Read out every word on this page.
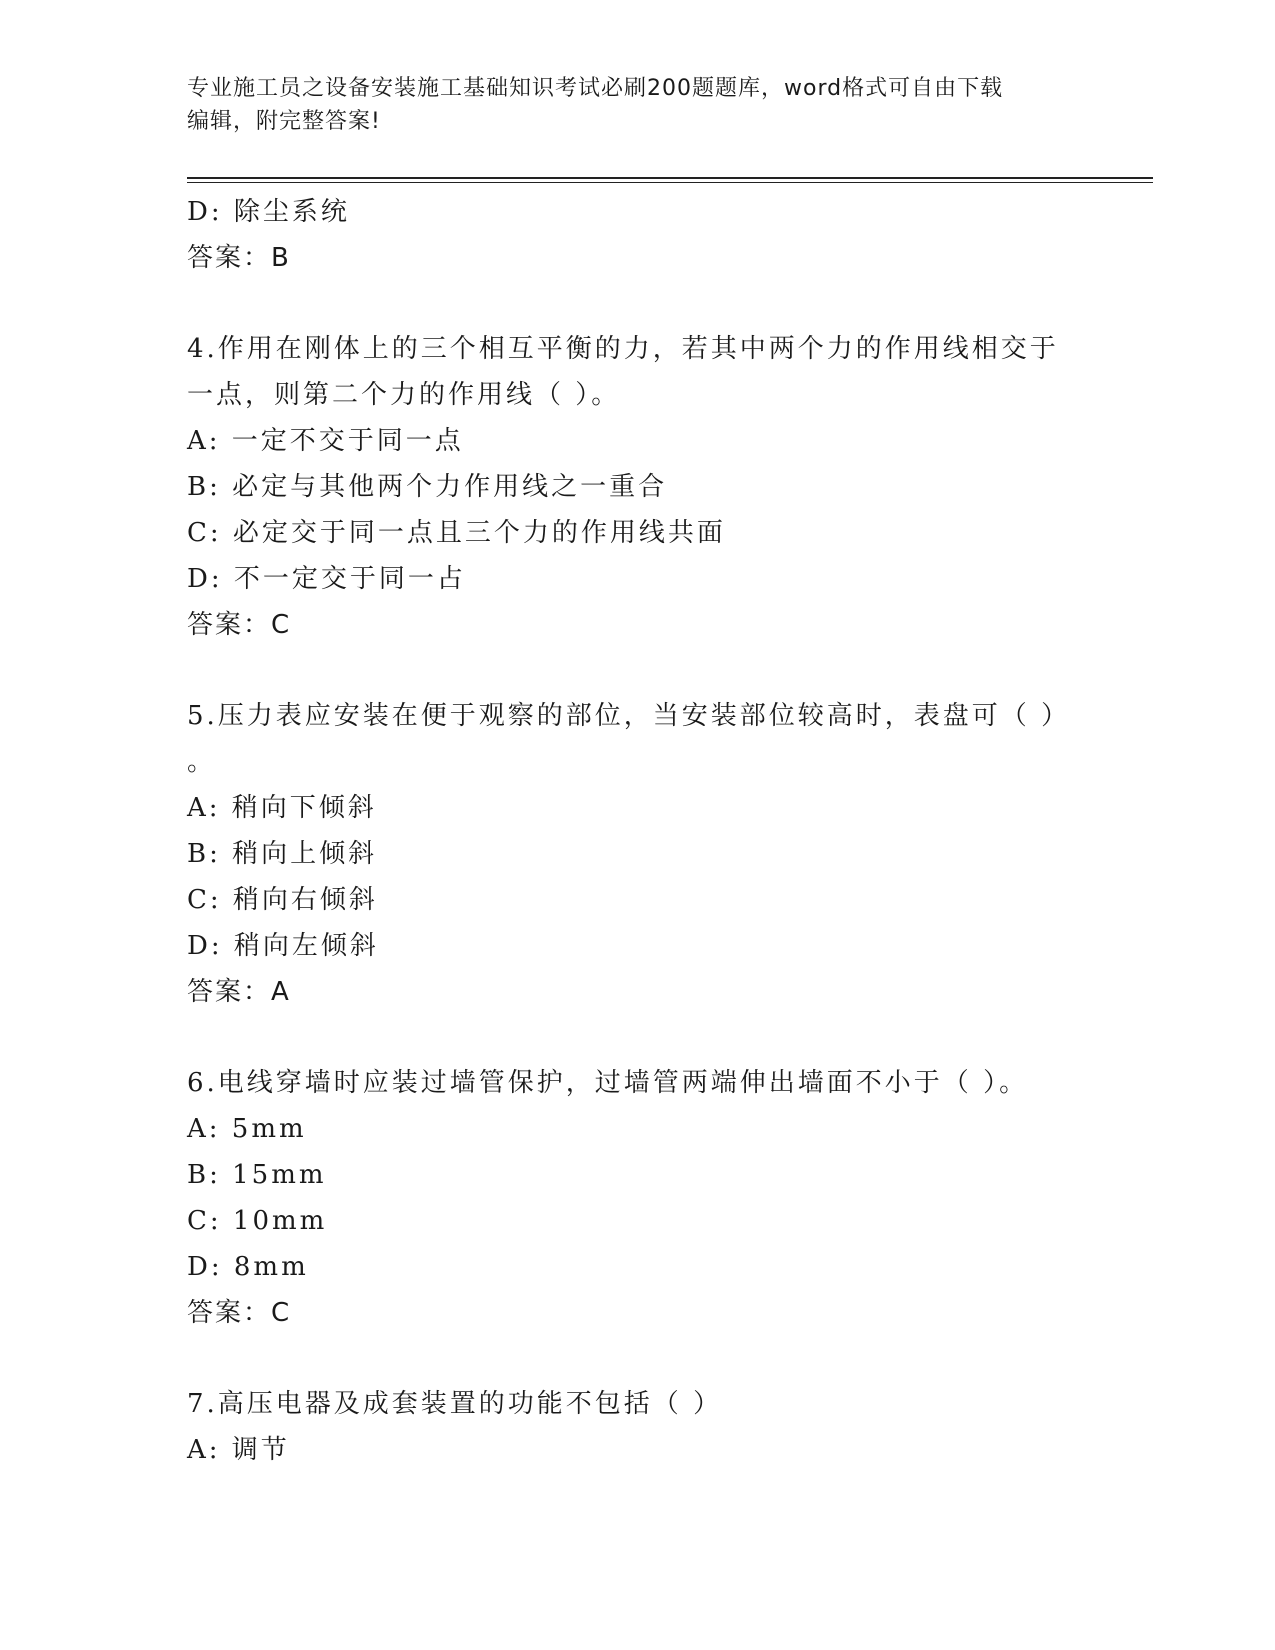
专业施工员之设备安装施工基础知识考试必刷200题题库，word格式可自由下载
编辑，附完整答案!
D: 除尘系统
答案：B
4.作用在刚体上的三个相互平衡的力，若其中两个力的作用线相交于
一点，则第二个力的作用线（ ）。
A: 一定不交于同一点
B: 必定与其他两个力作用线之一重合
C: 必定交于同一点且三个力的作用线共面
D: 不一定交于同一占
答案：C
5.压力表应安装在便于观察的部位，当安装部位较高时，表盘可（ ）
。
A: 稍向下倾斜
B: 稍向上倾斜
C: 稍向右倾斜
D: 稍向左倾斜
答案：A
6.电线穿墙时应装过墙管保护，过墙管两端伸出墙面不小于（ ）。
A: 5mm
B: 15mm
C: 10mm
D: 8mm
答案：C
7.高压电器及成套装置的功能不包括（ ）
A: 调节
